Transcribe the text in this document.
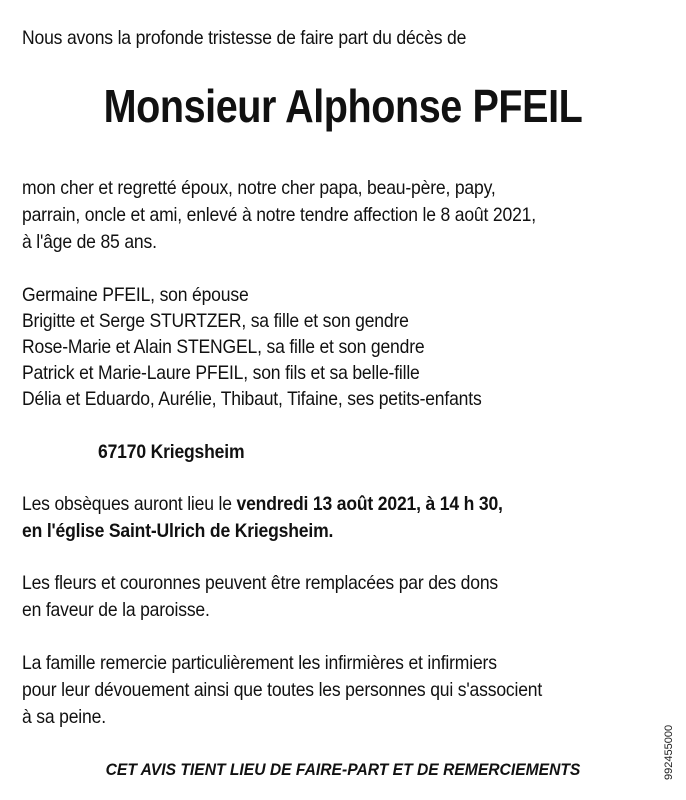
Nous avons la profonde tristesse de faire part du décès de
Monsieur Alphonse PFEIL
mon cher et regretté époux, notre cher papa, beau-père, papy,
parrain, oncle et ami, enlevé à notre tendre affection le 8 août 2021,
à l'âge de 85 ans.
Germaine PFEIL, son épouse
Brigitte et Serge STURTZER, sa fille et son gendre
Rose-Marie et Alain STENGEL, sa fille et son gendre
Patrick et Marie-Laure PFEIL, son fils et sa belle-fille
Délia et Eduardo, Aurélie, Thibaut, Tifaine, ses petits-enfants
67170 Kriegsheim
Les obsèques auront lieu le vendredi 13 août 2021, à 14 h 30,
en l'église Saint-Ulrich de Kriegsheim.
Les fleurs et couronnes peuvent être remplacées par des dons
en faveur de la paroisse.
La famille remercie particulièrement les infirmières et infirmiers
pour leur dévouement ainsi que toutes les personnes qui s'associent
à sa peine.
CET AVIS TIENT LIEU DE FAIRE-PART ET DE REMERCIEMENTS	992455000
